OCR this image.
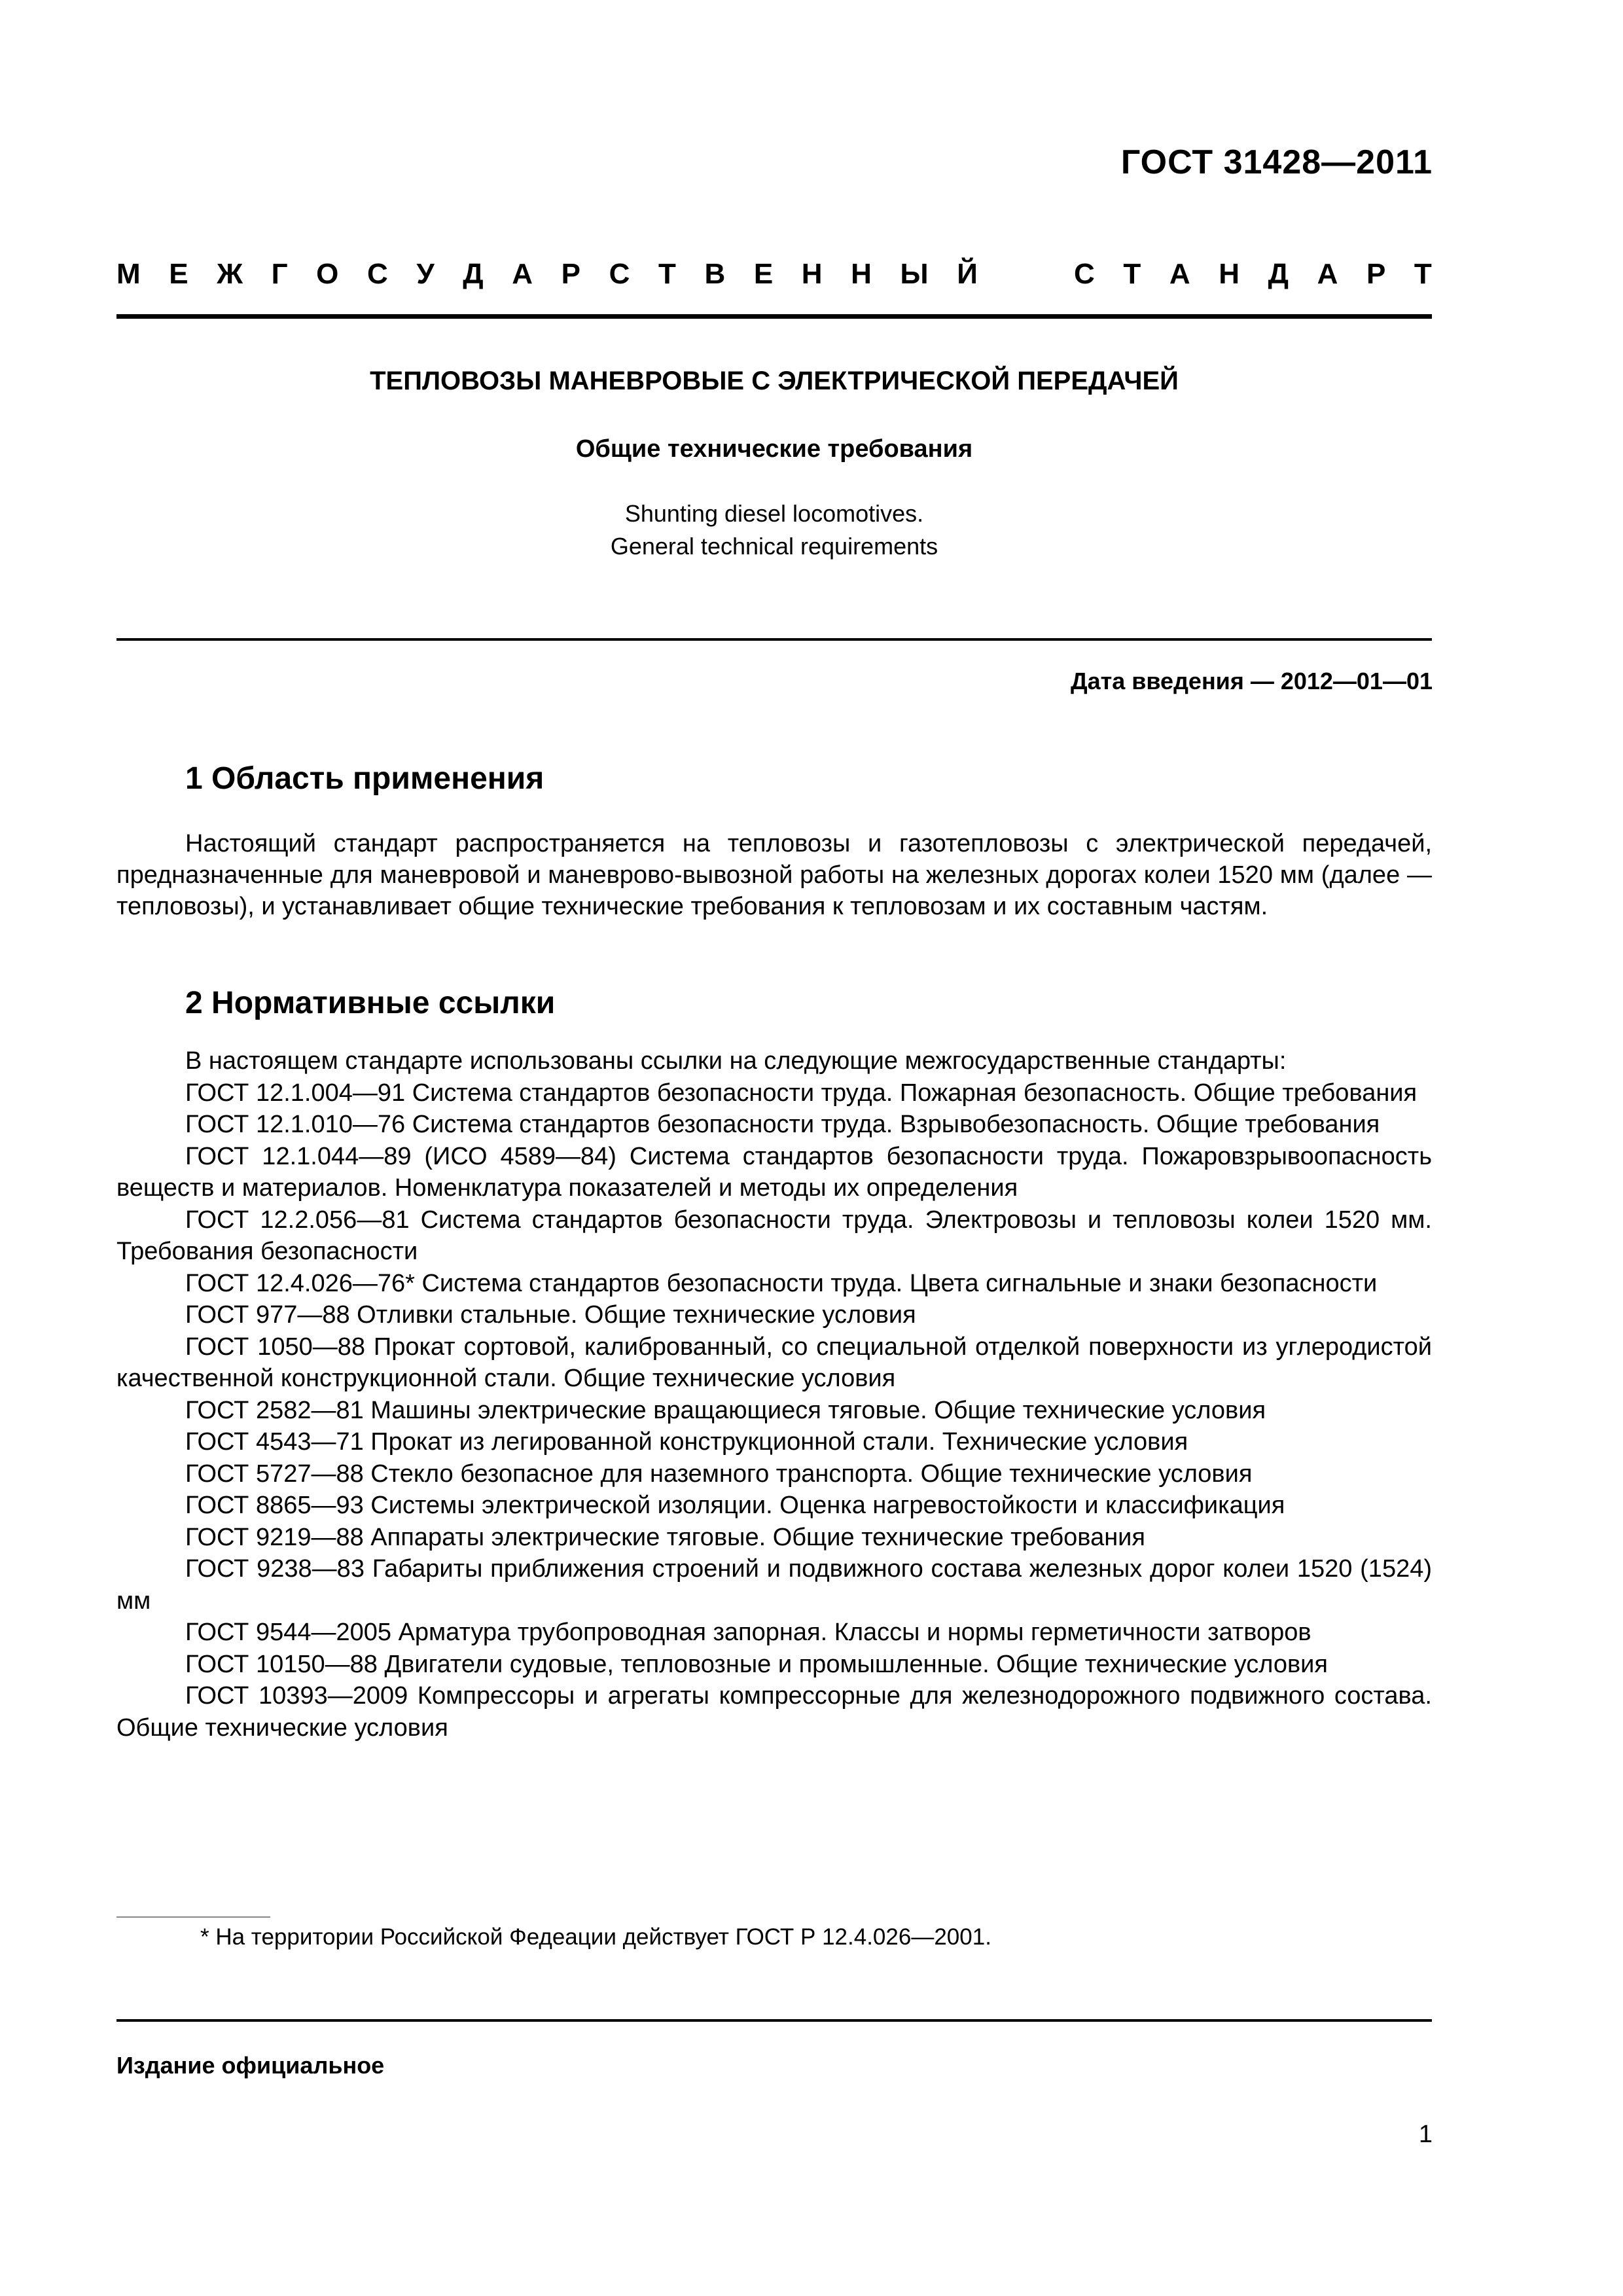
ГОСТ 31428—2011
М Е Ж Г О С У Д А Р С Т В Е Н Н Ы Й	С Т А Н Д А Р Т
ТЕПЛОВОЗЫ МАНЕВРОВЫЕ С ЭЛЕКТРИЧЕСКОЙ ПЕРЕДАЧЕЙ
Общие технические требования
Shunting diesel locomotives.
General technical requirements
Дата введения — 2012—01—01
1 Область применения

Настоящий стандарт распространяется на тепловозы и газотепловозы с электрической передачей, предназначенные для маневровой и маневрово-вывозной работы на железных дорогах колеи 1520 мм (далее — тепловозы), и устанавливает общие технические требования к тепловозам и их составным частям.

2 Нормативные ссылки

В настоящем стандарте использованы ссылки на следующие межгосударственные стандарты:

ГОСТ 12.1.004—91 Система стандартов безопасности труда. Пожарная безопасность. Общие требования

ГОСТ 12.1.010—76 Система стандартов безопасности труда. Взрывобезопасность. Общие требования

ГОСТ 12.1.044—89 (ИСО 4589—84) Система стандартов безопасности труда. Пожаровзрывоопасность веществ и материалов. Номенклатура показателей и методы их определения

ГОСТ 12.2.056—81 Система стандартов безопасности труда. Электровозы и тепловозы колеи 1520 мм. Требования безопасности

ГОСТ 12.4.026—76* Система стандартов безопасности труда. Цвета сигнальные и знаки безопасности

ГОСТ 977—88 Отливки стальные. Общие технические условия

ГОСТ 1050—88 Прокат сортовой, калиброванный, со специальной отделкой поверхности из углеродистой качественной конструкционной стали. Общие технические условия

ГОСТ 2582—81 Машины электрические вращающиеся тяговые. Общие технические условия

ГОСТ 4543—71 Прокат из легированной конструкционной стали. Технические условия

ГОСТ 5727—88 Стекло безопасное для наземного транспорта. Общие технические условия

ГОСТ 8865—93 Системы электрической изоляции. Оценка нагревостойкости и классификация

ГОСТ 9219—88 Аппараты электрические тяговые. Общие технические требования

ГОСТ 9238—83 Габариты приближения строений и подвижного состава железных дорог колеи 1520 (1524) мм

ГОСТ 9544—2005 Арматура трубопроводная запорная. Классы и нормы герметичности затворов

ГОСТ 10150—88 Двигатели судовые, тепловозные и промышленные. Общие технические условия

ГОСТ 10393—2009 Компрессоры и агрегаты компрессорные для железнодорожного подвижного состава. Общие технические условия

* На территории Российской Федеации действует ГОСТ Р 12.4.026—2001.
Издание официальное
1
